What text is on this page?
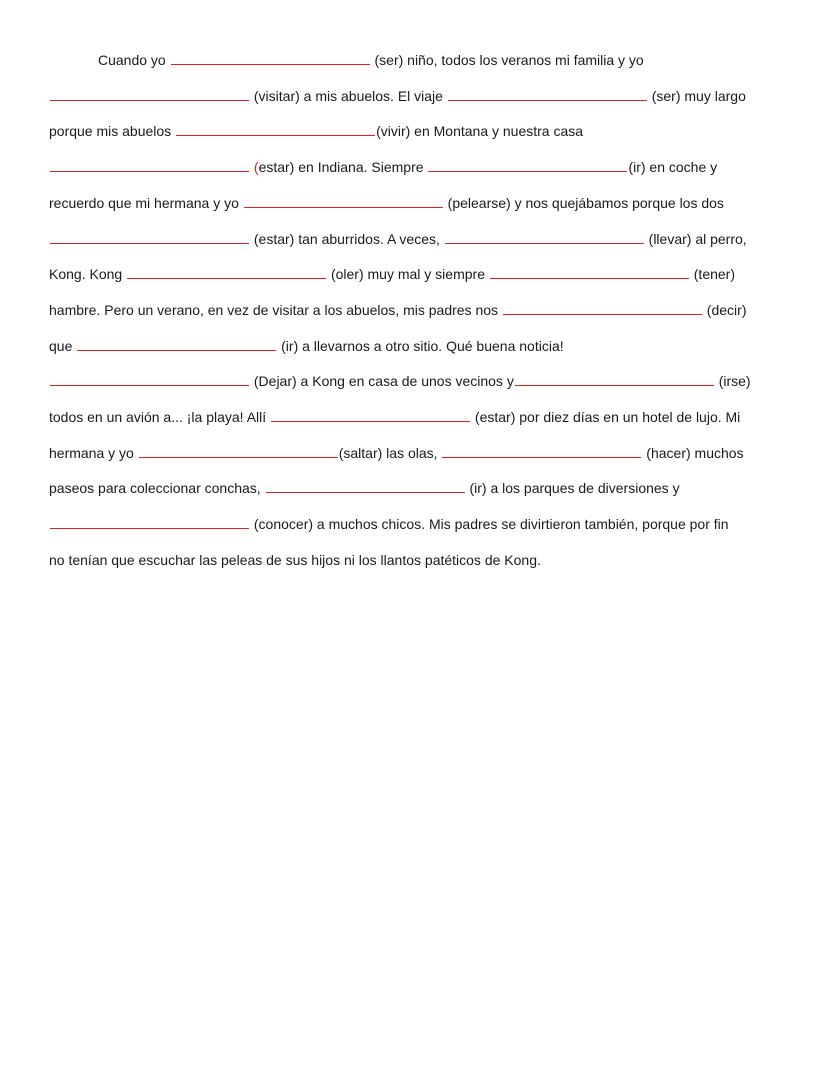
Cuando yo	(ser) niño, todos los veranos mi familia y yo
(visitar) a mis abuelos. El viaje	(ser) muy largo
porque mis abuelos	(vivir) en Montana y nuestra casa
(estar) en Indiana. Siempre	(ir) en coche y
recuerdo que mi hermana y yo	(pelearse) y nos quejábamos porque los dos
(estar) tan aburridos. A veces,	(llevar) al perro,
Kong. Kong	(oler) muy mal y siempre	(tener)
hambre. Pero un verano, en vez de visitar a los abuelos, mis padres nos	(decir)
que	(ir) a llevarnos a otro sitio. Qué buena noticia!
(Dejar) a Kong en casa de unos vecinos y	(irse)
todos en un avión a... ¡la playa! Allí	(estar) por diez días en un hotel de lujo. Mi
hermana y yo	(saltar) las olas,	(hacer) muchos
paseos para coleccionar conchas,	(ir) a los parques de diversiones y
(conocer) a muchos chicos. Mis padres se divirtieron también, porque por fin
no tenían que escuchar las peleas de sus hijos ni los llantos patéticos de Kong.
